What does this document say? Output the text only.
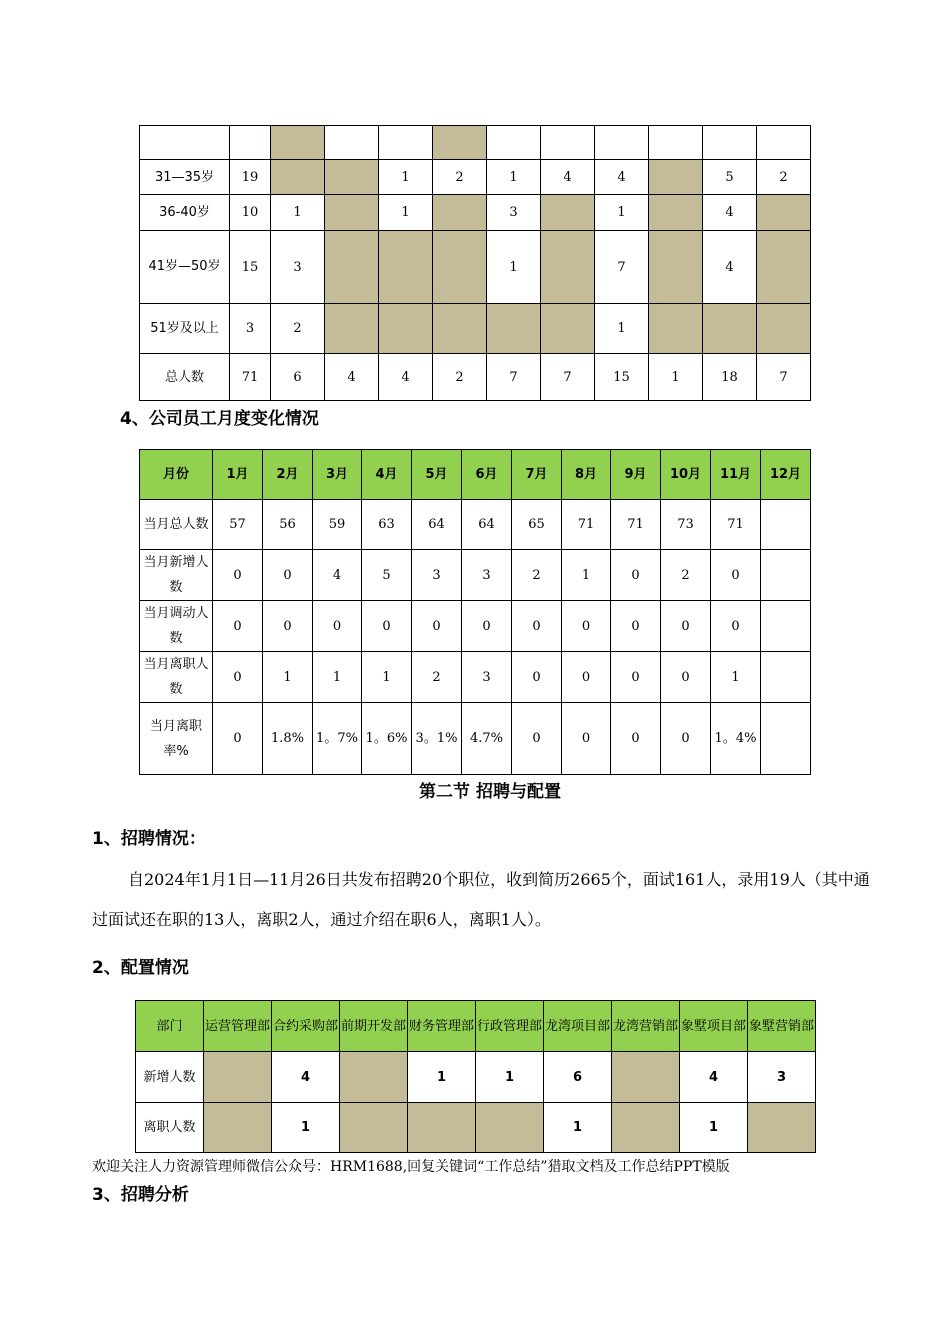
31—35岁	19			1	2	1	4	4		5	2
36-40岁	10	1		1		3		1		4	
41岁—50岁	15	3				1		7		4	
51岁及以上	3	2						1			
总人数	71	6	4	4	2	7	7	15	1	18	7
4、公司员工月度变化情况
月份	1月	2月	3月	4月	5月	6月	7月	8月	9月	10月	11月	12月
当月总人数	57	56	59	63	64	64	65	71	71	73	71	
当月新增人数	0	0	4	5	3	3	2	1	0	2	0	
当月调动人数	0	0	0	0	0	0	0	0	0	0	0	
当月离职人数	0	1	1	1	2	3	0	0	0	0	1	
当月离职率%	0	1.8%	1。7%	1。6%	3。1%	4.7%	0	0	0	0	1。4%	
第二节 招聘与配置
1、招聘情况：
自2024年1月1日—11月26日共发布招聘20个职位，收到简历2665个，面试161人，录用19人（其中通过面试还在职的13人，离职2人，通过介绍在职6人，离职1人）。
2、配置情况
部门	运营管理部	合约采购部	前期开发部	财务管理部	行政管理部	龙湾项目部	龙湾营销部	象墅项目部	象墅营销部
新增人数		4		1	1	6		4	3
离职人数		1				1		1	
欢迎关注人力资源管理师微信公众号：HRM1688,回复关键词“工作总结”猎取文档及工作总结PPT模版
3、招聘分析
